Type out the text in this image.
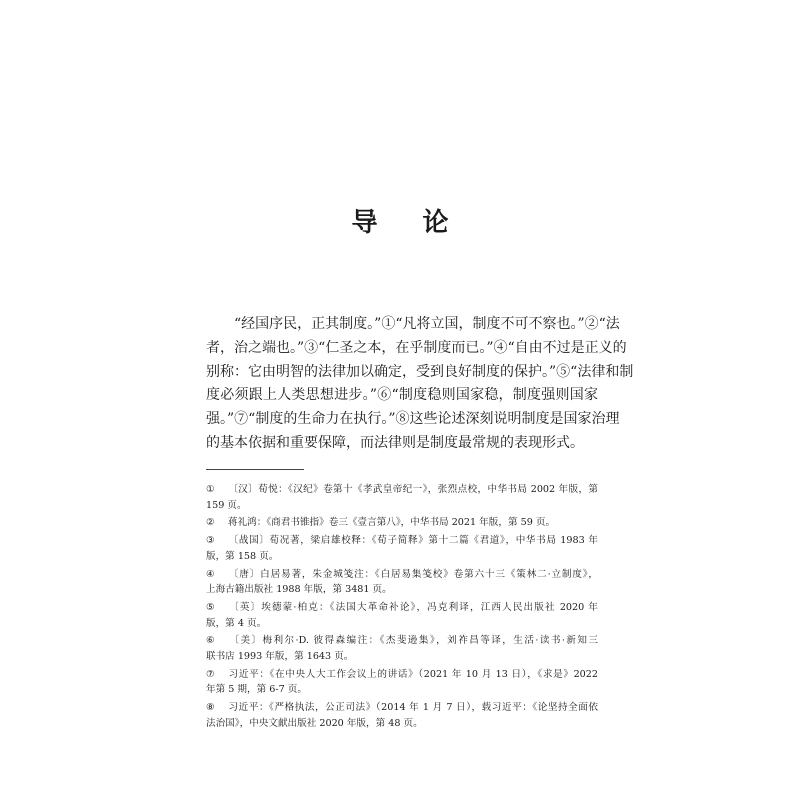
导 论
“经国序民，正其制度。”①“凡将立国，制度不可不察也。”②“法
者，治之端也。”③“仁圣之本，在乎制度而已。”④“自由不过是正义的
别称：它由明智的法律加以确定，受到良好制度的保护。”⑤“法律和制
度必须跟上人类思想进步。”⑥“制度稳则国家稳，制度强则国家
强。”⑦“制度的生命力在执行。”⑧这些论述深刻说明制度是国家治理
的基本依据和重要保障，而法律则是制度最常规的表现形式。
① 〔汉〕荀悦：《汉纪》卷第十《孝武皇帝纪一》，张烈点校，中华书局 2002 年版，第
159 页。
② 蒋礼鸿：《商君书锥指》卷三《壹言第八》，中华书局 2021 年版，第 59 页。
③ 〔战国〕荀况著，梁启雄校释：《荀子简释》第十二篇《君道》，中华书局 1983 年
版，第 158 页。
④ 〔唐〕白居易著，朱金城笺注：《白居易集笺校》卷第六十三《策林二·立制度》，
上海古籍出版社 1988 年版，第 3481 页。
⑤ 〔英〕埃德蒙·柏克：《法国大革命补论》，冯克利译，江西人民出版社 2020 年
版，第 4 页。
⑥ 〔美〕梅利尔·D. 彼得森编注：《杰斐逊集》，刘祚昌等译，生活·读书·新知三
联书店 1993 年版，第 1643 页。
⑦ 习近平：《在中央人大工作会议上的讲话》（2021 年 10 月 13 日），《求是》2022
年第 5 期，第 6-7 页。
⑧ 习近平：《严格执法，公正司法》（2014 年 1 月 7 日），载习近平：《论坚持全面依
法治国》，中央文献出版社 2020 年版，第 48 页。
